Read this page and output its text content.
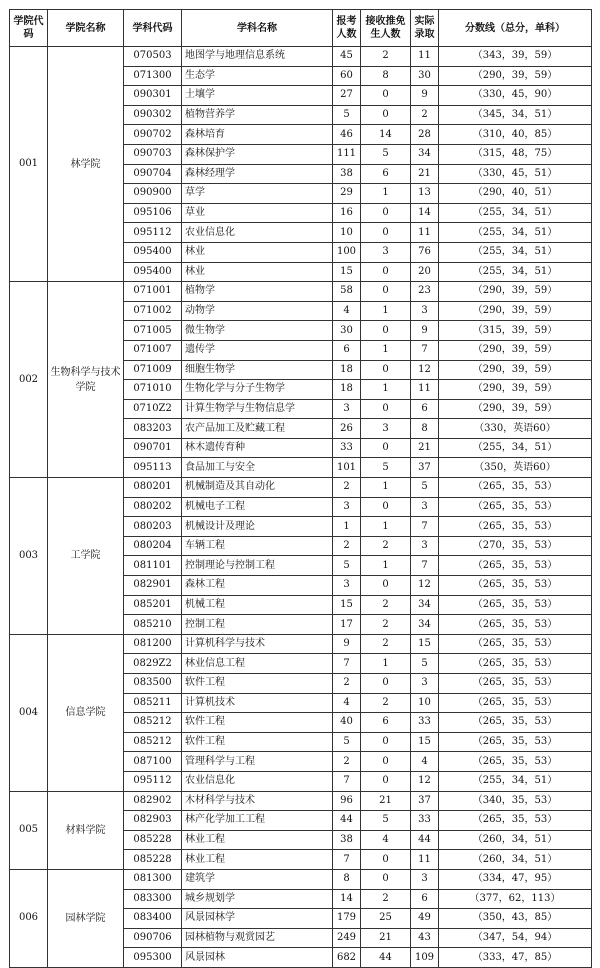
学院代码	学院名称	学科代码	学科名称	报考人数	接收推免生人数	实际录取	分数线（总分，单科）
001	林学院	070503	地图学与地理信息系统	45	2	11	（343，39，59）
		071300	生态学	60	8	30	（290，39，59）
		090301	土壤学	27	0	9	（330，45，90）
		090302	植物营养学	5	0	2	（345，34，51）
		090702	森林培育	46	14	28	（310，40，85）
		090703	森林保护学	111	5	34	（315，48，75）
		090704	森林经理学	38	6	21	（330，45，51）
		090900	草学	29	1	13	（290，40，51）
		095106	草业	16	0	14	（255，34，51）
		095112	农业信息化	10	0	11	（255，34，51）
		095400	林业	100	3	76	（255，34，51）
		095400	林业	15	0	20	（255，34，51）
002	生物科学与技术学院	071001	植物学	58	0	23	（290，39，59）
		071002	动物学	4	1	3	（290，39，59）
		071005	微生物学	30	0	9	（315，39，59）
		071007	遗传学	6	1	7	（290，39，59）
		071009	细胞生物学	18	0	12	（290，39，59）
		071010	生物化学与分子生物学	18	1	11	（290，39，59）
		0710Z2	计算生物学与生物信息学	3	0	6	（290，39，59）
		083203	农产品加工及贮藏工程	26	3	8	（330，英语60）
		090701	林木遗传育种	33	0	21	（255，34，51）
		095113	食品加工与安全	101	5	37	（350，英语60）
003	工学院	080201	机械制造及其自动化	2	1	5	（265，35，53）
		080202	机械电子工程	3	0	3	（265，35，53）
		080203	机械设计及理论	1	1	7	（265，35，53）
		080204	车辆工程	2	2	3	（270，35，53）
		081101	控制理论与控制工程	5	1	7	（265，35，53）
		082901	森林工程	3	0	12	（265，35，53）
		085201	机械工程	15	2	34	（265，35，53）
		085210	控制工程	17	2	34	（265，35，53）
004	信息学院	081200	计算机科学与技术	9	2	15	（265，35，53）
		0829Z2	林业信息工程	7	1	5	（265，35，53）
		083500	软件工程	2	0	3	（265，35，53）
		085211	计算机技术	4	2	10	（265，35，53）
		085212	软件工程	40	6	33	（265，35，53）
		085212	软件工程	5	0	15	（265，35，53）
		087100	管理科学与工程	2	0	4	（265，35，53）
		095112	农业信息化	7	0	12	（255，34，51）
005	材料学院	082902	木材科学与技术	96	21	37	（340，35，53）
		082903	林产化学加工工程	44	5	33	（265，35，53）
		085228	林业工程	38	4	44	（260，34，51）
		085228	林业工程	7	0	11	（260，34，51）
006	园林学院	081300	建筑学	8	0	3	（334，47，95）
		083300	城乡规划学	14	2	6	（377，62，113）
		083400	风景园林学	179	25	49	（350，43，85）
		090706	园林植物与观赏园艺	249	21	43	（347，54，94）
		095300	风景园林	682	44	109	（333，47，85）
